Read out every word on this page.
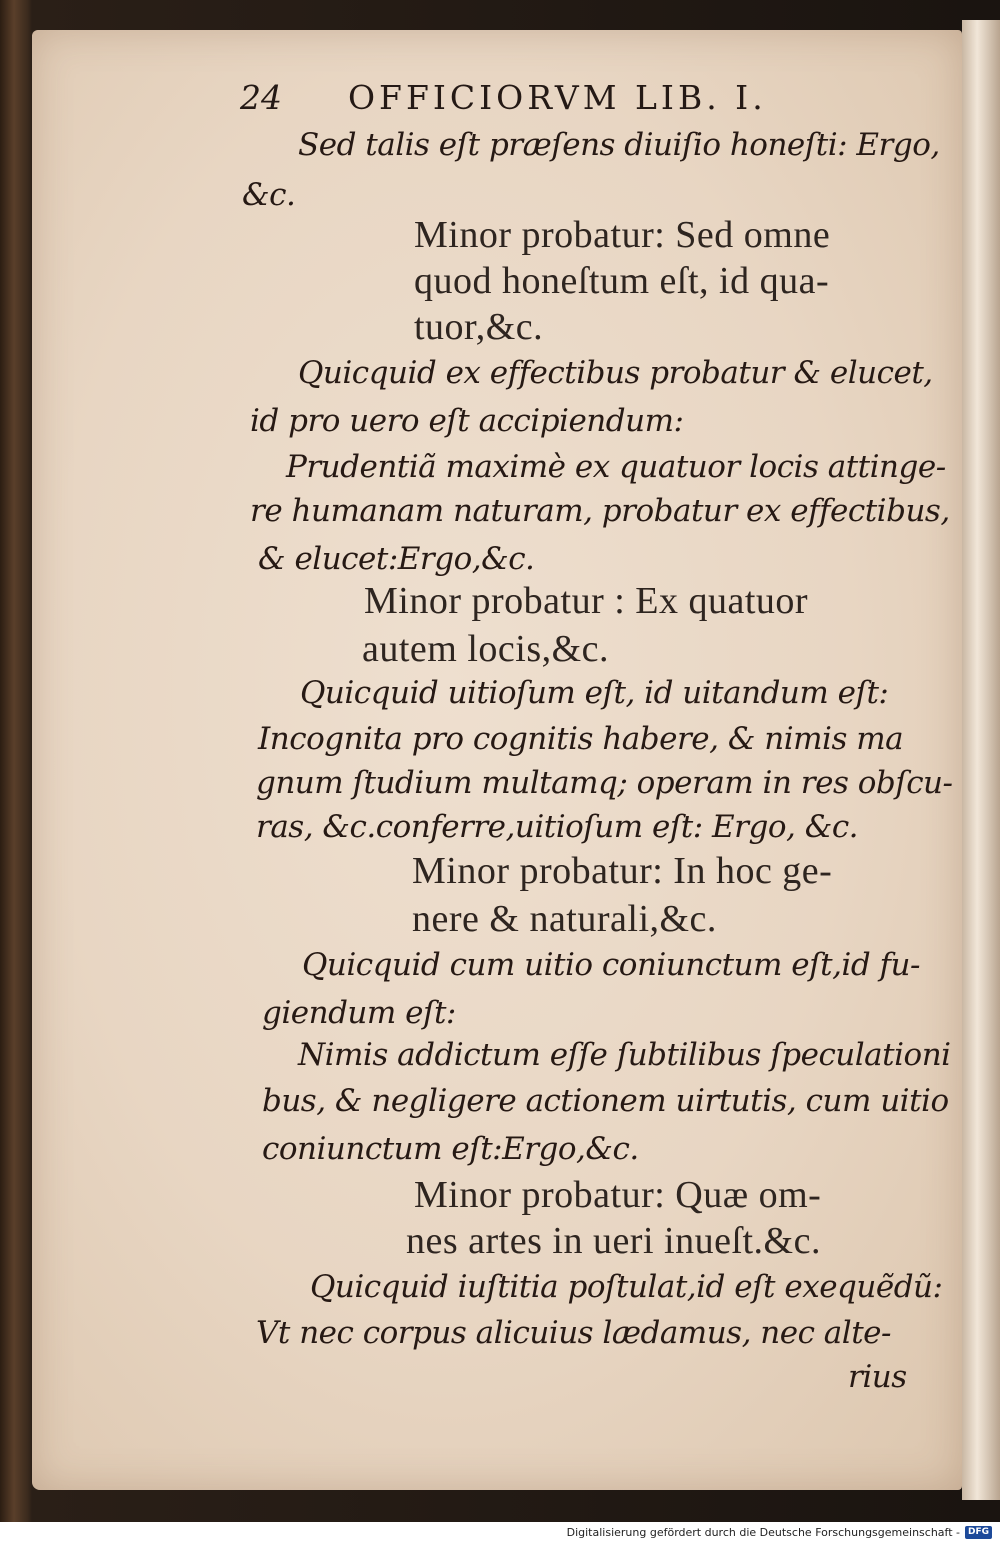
24 OFFICIORVM LIB. I.
Sed talis eſt præſens diuiſio honeſti: Ergo,
&c.
Minor probatur: Sed omne
quod honeſtum eſt, id qua-
tuor,&c.
Quicquid ex effectibus probatur & elucet,
id pro uero eſt accipiendum:
Prudentiã maximè ex quatuor locis attinge-
re humanam naturam, probatur ex effectibus,
& elucet:Ergo,&c.
Minor probatur : Ex quatuor
autem locis,&c.
Quicquid uitioſum eſt, id uitandum eſt:
Incognita pro cognitis habere, & nimis ma
gnum ſtudium multamq; operam in res obſcu-
ras, &c.conferre,uitioſum eſt: Ergo, &c.
Minor probatur: In hoc ge-
nere & naturali,&c.
Quicquid cum uitio coniunctum eſt,id fu-
giendum eſt:
Nimis addictum eſſe ſubtilibus ſpeculationi
bus, & negligere actionem uirtutis, cum uitio
coniunctum eſt:Ergo,&c.
Minor probatur: Quæ om-
nes artes in ueri inueſt.&c.
Quicquid iuſtitia poſtulat,id eſt exequẽdũ:
Vt nec corpus alicuius lædamus, nec alte-
rius
Digitalisierung gefördert durch die Deutsche Forschungsgemeinschaft - DFG
